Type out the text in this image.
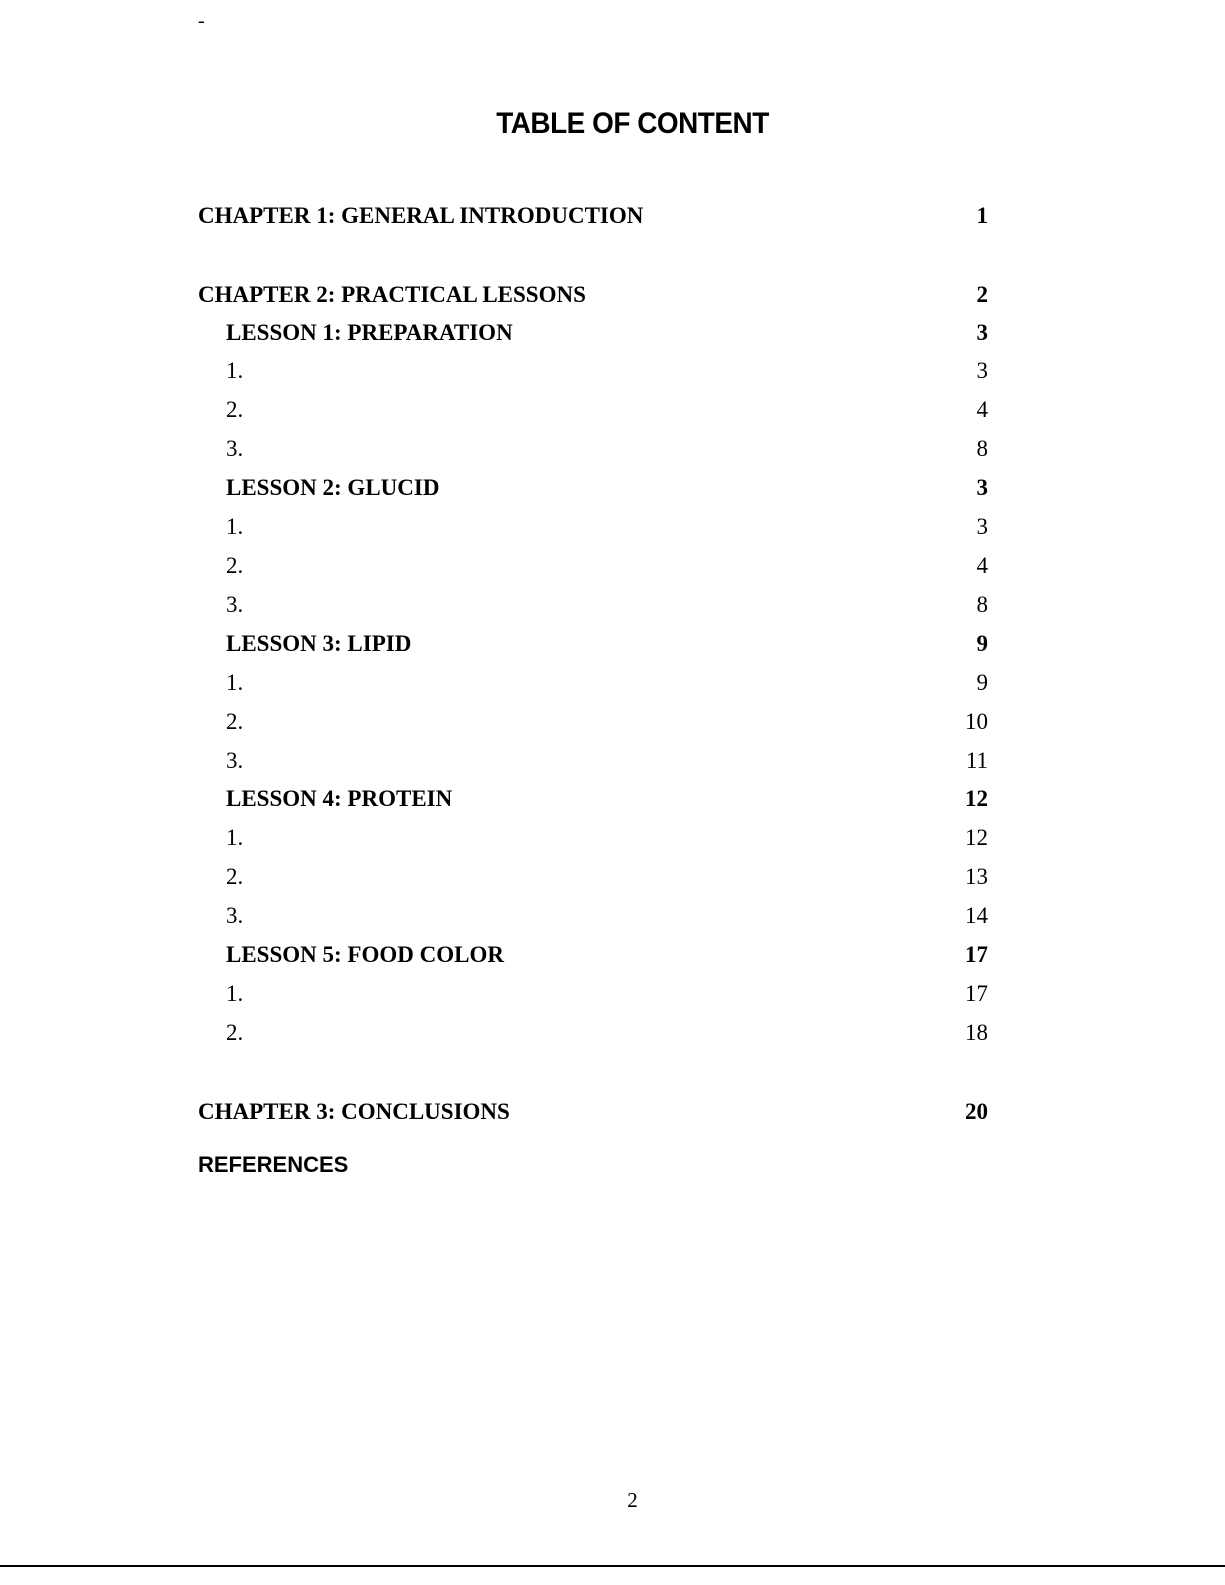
-
TABLE OF CONTENT
CHAPTER 1: GENERAL INTRODUCTION	1
CHAPTER 2: PRACTICAL LESSONS	2
LESSON 1: PREPARATION	3
1.	3
2.	4
3.	8
LESSON 2: GLUCID	3
1.	3
2.	4
3.	8
LESSON 3: LIPID	9
1.	9
2.	10
3.	11
LESSON 4: PROTEIN	12
1.	12
2.	13
3.	14
LESSON 5: FOOD COLOR	17
1.	17
2.	18
CHAPTER 3: CONCLUSIONS	20
REFERENCES
2
